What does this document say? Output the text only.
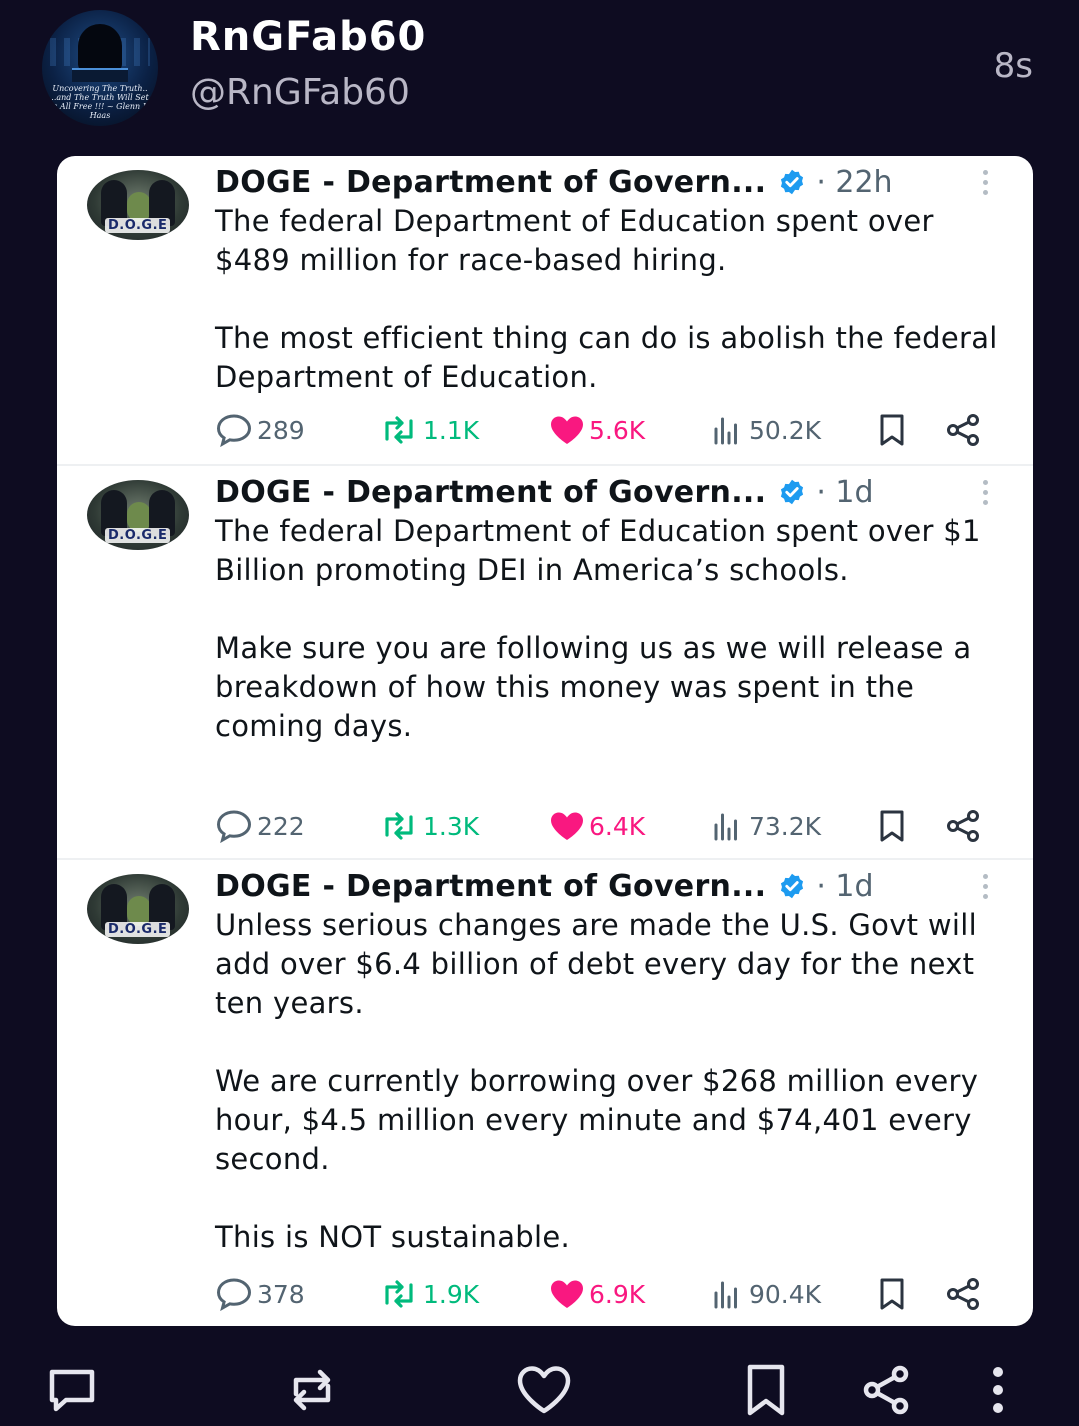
Uncovering The Truth.. ..and The Truth Will Set Us All Free !!! ~ Glenn M. Haas
RnGFab60
@RnGFab60
8s
D.O.G.E
DOGE - Department of Govern... · 22h

The federal Department of Education spent over $489 million for race-based hiring.

The most efficient thing can do is abolish the federal Department of Education.

289	1.1K	5.6K	50.2K
D.O.G.E
DOGE - Department of Govern... · 1d

The federal Department of Education spent over $1 Billion promoting DEI in America’s schools.

Make sure you are following us as we will release a breakdown of how this money was spent in the coming days.

222	1.3K	6.4K	73.2K
D.O.G.E
DOGE - Department of Govern... · 1d

Unless serious changes are made the U.S. Govt will add over $6.4 billion of debt every day for the next ten years.

We are currently borrowing over $268 million every hour, $4.5 million every minute and $74,401 every second.

This is NOT sustainable.

378	1.9K	6.9K	90.4K
